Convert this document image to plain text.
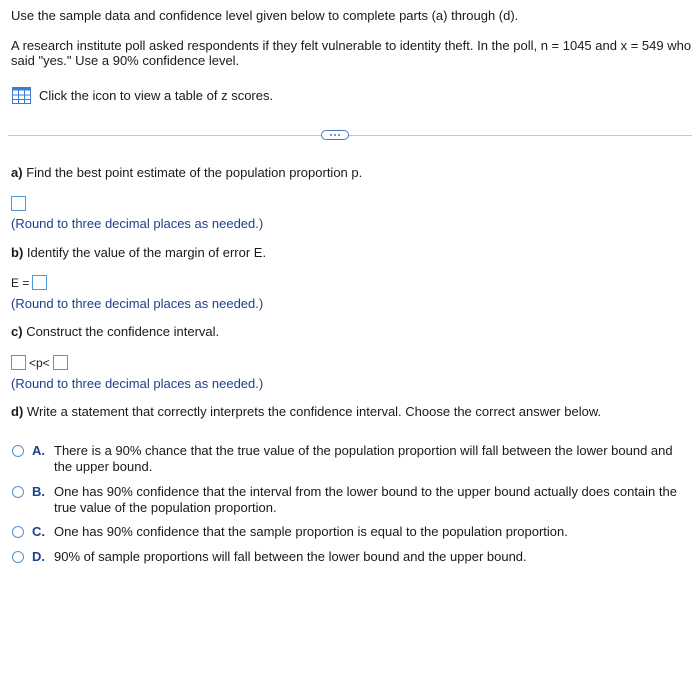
Use the sample data and confidence level given below to complete parts (a) through (d).

A research institute poll asked respondents if they felt vulnerable to identity theft. In the poll, n = 1045 and x = 549 who

said "yes." Use a 90% confidence level.

Click the icon to view a table of z scores.

a) Find the best point estimate of the population proportion p.

(Round to three decimal places as needed.)

b) Identify the value of the margin of error E.

E =

(Round to three decimal places as needed.)

c) Construct the confidence interval.

<p<

(Round to three decimal places as needed.)

d) Write a statement that correctly interprets the confidence interval. Choose the correct answer below.

A. There is a 90% chance that the true value of the population proportion will fall between the lower bound and the upper bound.
B. One has 90% confidence that the interval from the lower bound to the upper bound actually does contain the true value of the population proportion.
C. One has 90% confidence that the sample proportion is equal to the population proportion.
D. 90% of sample proportions will fall between the lower bound and the upper bound.
